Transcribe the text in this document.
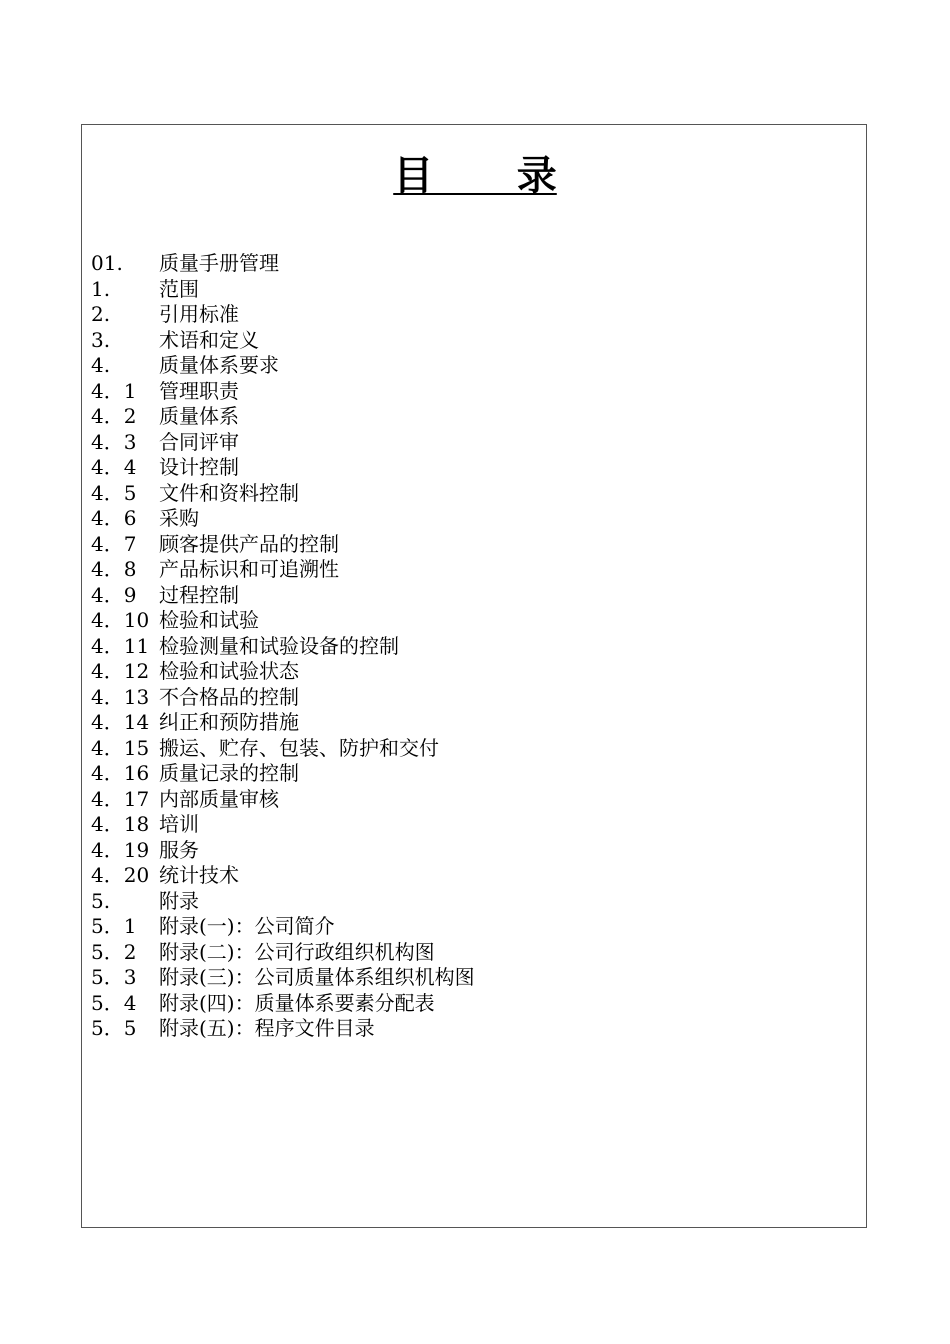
目      录
01.	质量手册管理
1.	范围
2.	引用标准
3.	术语和定义
4.	质量体系要求
4．1	管理职责
4．2	质量体系
4．3	合同评审
4．4	设计控制
4．5	文件和资料控制
4．6	采购
4．7	顾客提供产品的控制
4．8	产品标识和可追溯性
4．9	过程控制
4．10 检验和试验
4．11 检验测量和试验设备的控制
4．12 检验和试验状态
4．13 不合格品的控制
4．14 纠正和预防措施
4．15 搬运、贮存、包装、防护和交付
4．16 质量记录的控制
4．17 内部质量审核
4．18 培训
4．19 服务
4．20 统计技术
5.	附录
5．1	附录(一)：公司简介
5．2	附录(二)：公司行政组织机构图
5．3	附录(三)：公司质量体系组织机构图
5．4	附录(四)：质量体系要素分配表
5．5	附录(五)：程序文件目录
